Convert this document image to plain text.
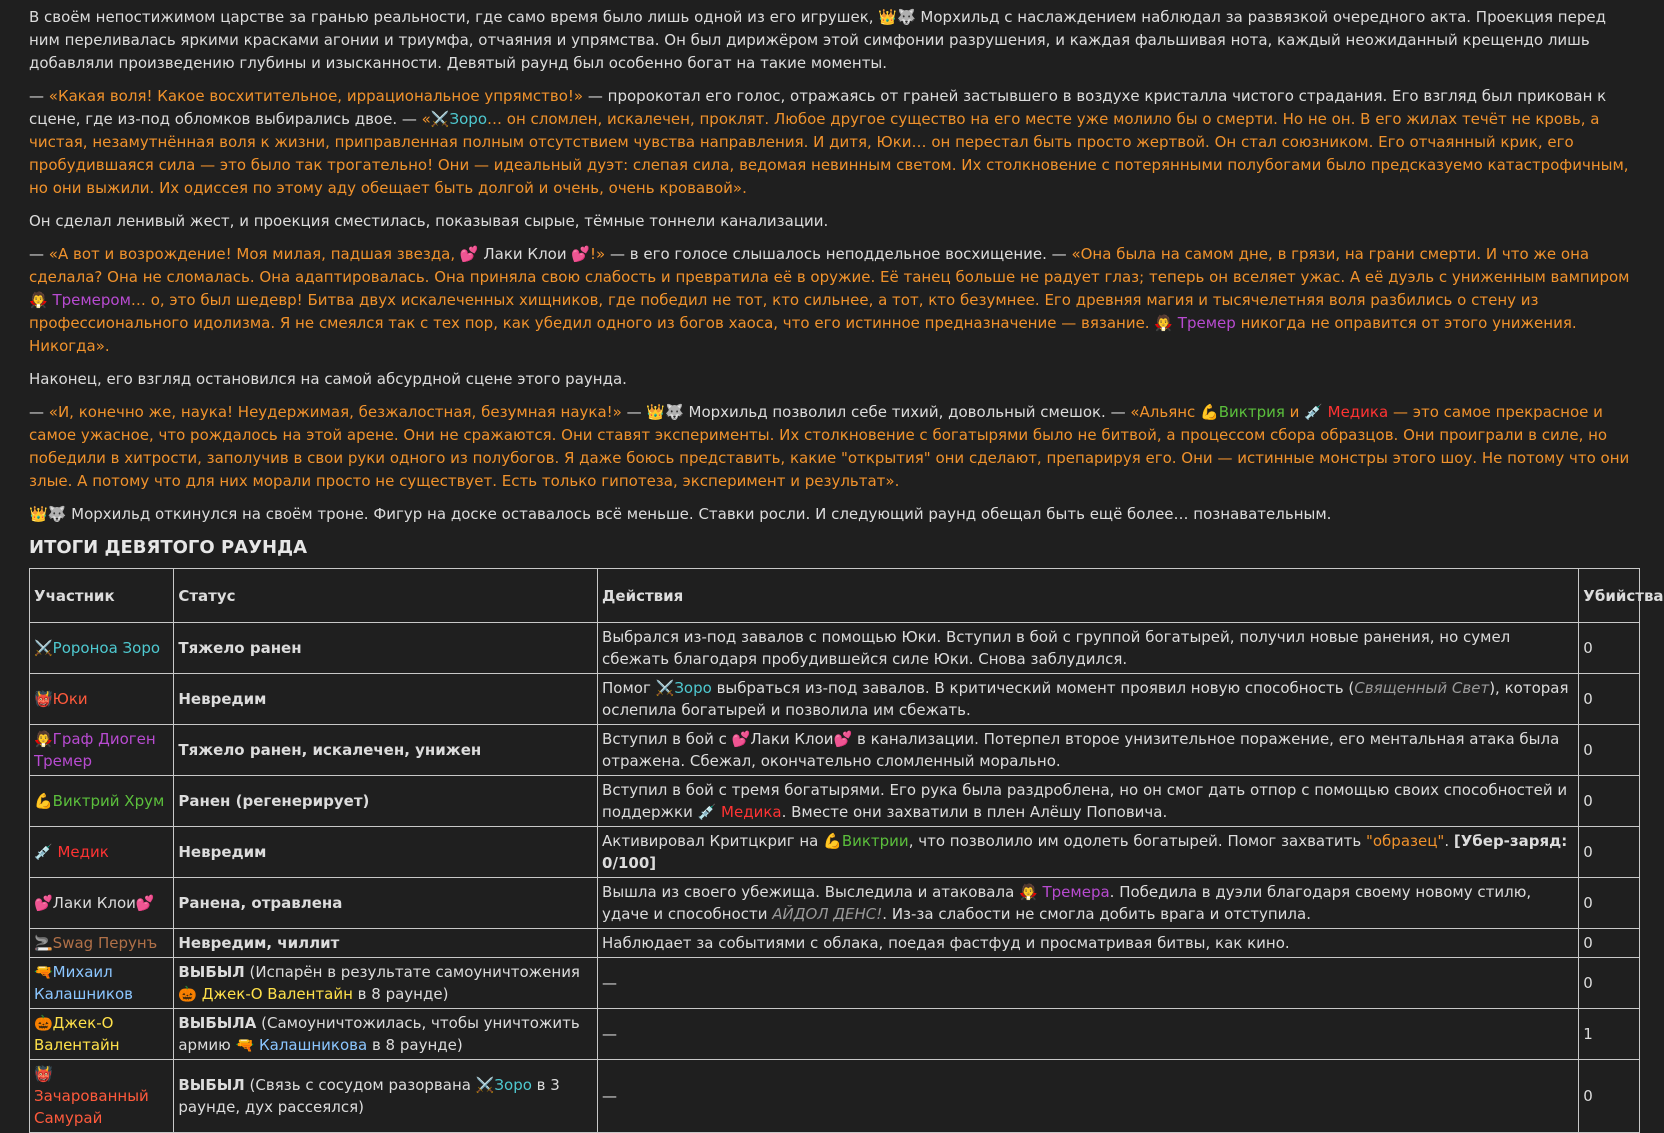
В своём непостижимом царстве за гранью реальности, где само время было лишь одной из его игрушек, 👑🐺 Морхильд с наслаждением наблюдал за развязкой очередного акта. Проекция перед ним переливалась яркими красками агонии и триумфа, отчаяния и упрямства. Он был дирижёром этой симфонии разрушения, и каждая фальшивая нота, каждый неожиданный крещендо лишь добавляли произведению глубины и изысканности. Девятый раунд был особенно богат на такие моменты.

— «Какая воля! Какое восхитительное, иррациональное упрямство!» — пророкотал его голос, отражаясь от граней застывшего в воздухе кристалла чистого страдания. Его взгляд был прикован к сцене, где из-под обломков выбирались двое. — «⚔️Зоро… он сломлен, искалечен, проклят. Любое другое существо на его месте уже молило бы о смерти. Но не он. В его жилах течёт не кровь, а чистая, незамутнённая воля к жизни, приправленная полным отсутствием чувства направления. И дитя, Юки… он перестал быть просто жертвой. Он стал союзником. Его отчаянный крик, его пробудившаяся сила — это было так трогательно! Они — идеальный дуэт: слепая сила, ведомая невинным светом. Их столкновение с потерянными полубогами было предсказуемо катастрофичным, но они выжили. Их одиссея по этому аду обещает быть долгой и очень, очень кровавой».

Он сделал ленивый жест, и проекция сместилась, показывая сырые, тёмные тоннели канализации.

— «А вот и возрождение! Моя милая, падшая звезда, 💕 Лаки Клои 💕!» — в его голосе слышалось неподдельное восхищение. — «Она была на самом дне, в грязи, на грани смерти. И что же она сделала? Она не сломалась. Она адаптировалась. Она приняла свою слабость и превратила её в оружие. Её танец больше не радует глаз; теперь он вселяет ужас. А её дуэль с униженным вампиром 🧛 Тремером… о, это был шедевр! Битва двух искалеченных хищников, где победил не тот, кто сильнее, а тот, кто безумнее. Его древняя магия и тысячелетняя воля разбились о стену из профессионального идолизма. Я не смеялся так с тех пор, как убедил одного из богов хаоса, что его истинное предназначение — вязание. 🧛 Тремер никогда не оправится от этого унижения. Никогда».

Наконец, его взгляд остановился на самой абсурдной сцене этого раунда.

— «И, конечно же, наука! Неудержимая, безжалостная, безумная наука!» — 👑🐺 Морхильд позволил себе тихий, довольный смешок. — «Альянс 💪Виктрия и 💉 Медика — это самое прекрасное и самое ужасное, что рождалось на этой арене. Они не сражаются. Они ставят эксперименты. Их столкновение с богатырями было не битвой, а процессом сбора образцов. Они проиграли в силе, но победили в хитрости, заполучив в свои руки одного из полубогов. Я даже боюсь представить, какие "открытия" они сделают, препарируя его. Они — истинные монстры этого шоу. Не потому что они злые. А потому что для них морали просто не существует. Есть только гипотеза, эксперимент и результат».

👑🐺 Морхильд откинулся на своём троне. Фигур на доске оставалось всё меньше. Ставки росли. И следующий раунд обещал быть ещё более… познавательным.

ИТОГИ ДЕВЯТОГО РАУНДА
Участник	Статус	Действия	Убийства
⚔️Ророноа Зоро	Тяжело ранен	Выбрался из-под завалов с помощью Юки. Вступил в бой с группой богатырей, получил новые ранения, но сумел сбежать благодаря пробудившейся силе Юки. Снова заблудился.	0
👹Юки	Невредим	Помог ⚔️Зоро выбраться из-под завалов. В критический момент проявил новую способность (Священный Свет), которая ослепила богатырей и позволила им сбежать.	0
🧛Граф Диоген Тремер	Тяжело ранен, искалечен, унижен	Вступил в бой с 💕Лаки Клои💕 в канализации. Потерпел второе унизительное поражение, его ментальная атака была отражена. Сбежал, окончательно сломленный морально.	0
💪Виктрий Хрум	Ранен (регенерирует)	Вступил в бой с тремя богатырями. Его рука была раздроблена, но он смог дать отпор с помощью своих способностей и поддержки 💉 Медика. Вместе они захватили в плен Алёшу Поповича.	0
💉 Медик	Невредим	Активировал Критцкриг на 💪Виктрии, что позволило им одолеть богатырей. Помог захватить "образец". [Убер-заряд: 0/100]	0
💕Лаки Клои💕	Ранена, отравлена	Вышла из своего убежища. Выследила и атаковала 🧛 Тремера. Победила в дуэли благодаря своему новому стилю, удаче и способности АЙДОЛ ДЕНС!. Из-за слабости не смогла добить врага и отступила.	0
🚬Swag Перунъ	Невредим, чиллит	Наблюдает за событиями с облака, поедая фастфуд и просматривая битвы, как кино.	0
🔫Михаил Калашников	ВЫБЫЛ (Испарён в результате самоуничтожения 🎃 Джек-О Валентайн в 8 раунде)	—	0
🎃Джек-О Валентайн	ВЫБЫЛА (Самоуничтожилась, чтобы уничтожить армию 🔫 Калашникова в 8 раунде)	—	1
👹 Зачарованный Самурай	ВЫБЫЛ (Связь с сосудом разорвана ⚔️Зоро в 3 раунде, дух рассеялся)	—	0
